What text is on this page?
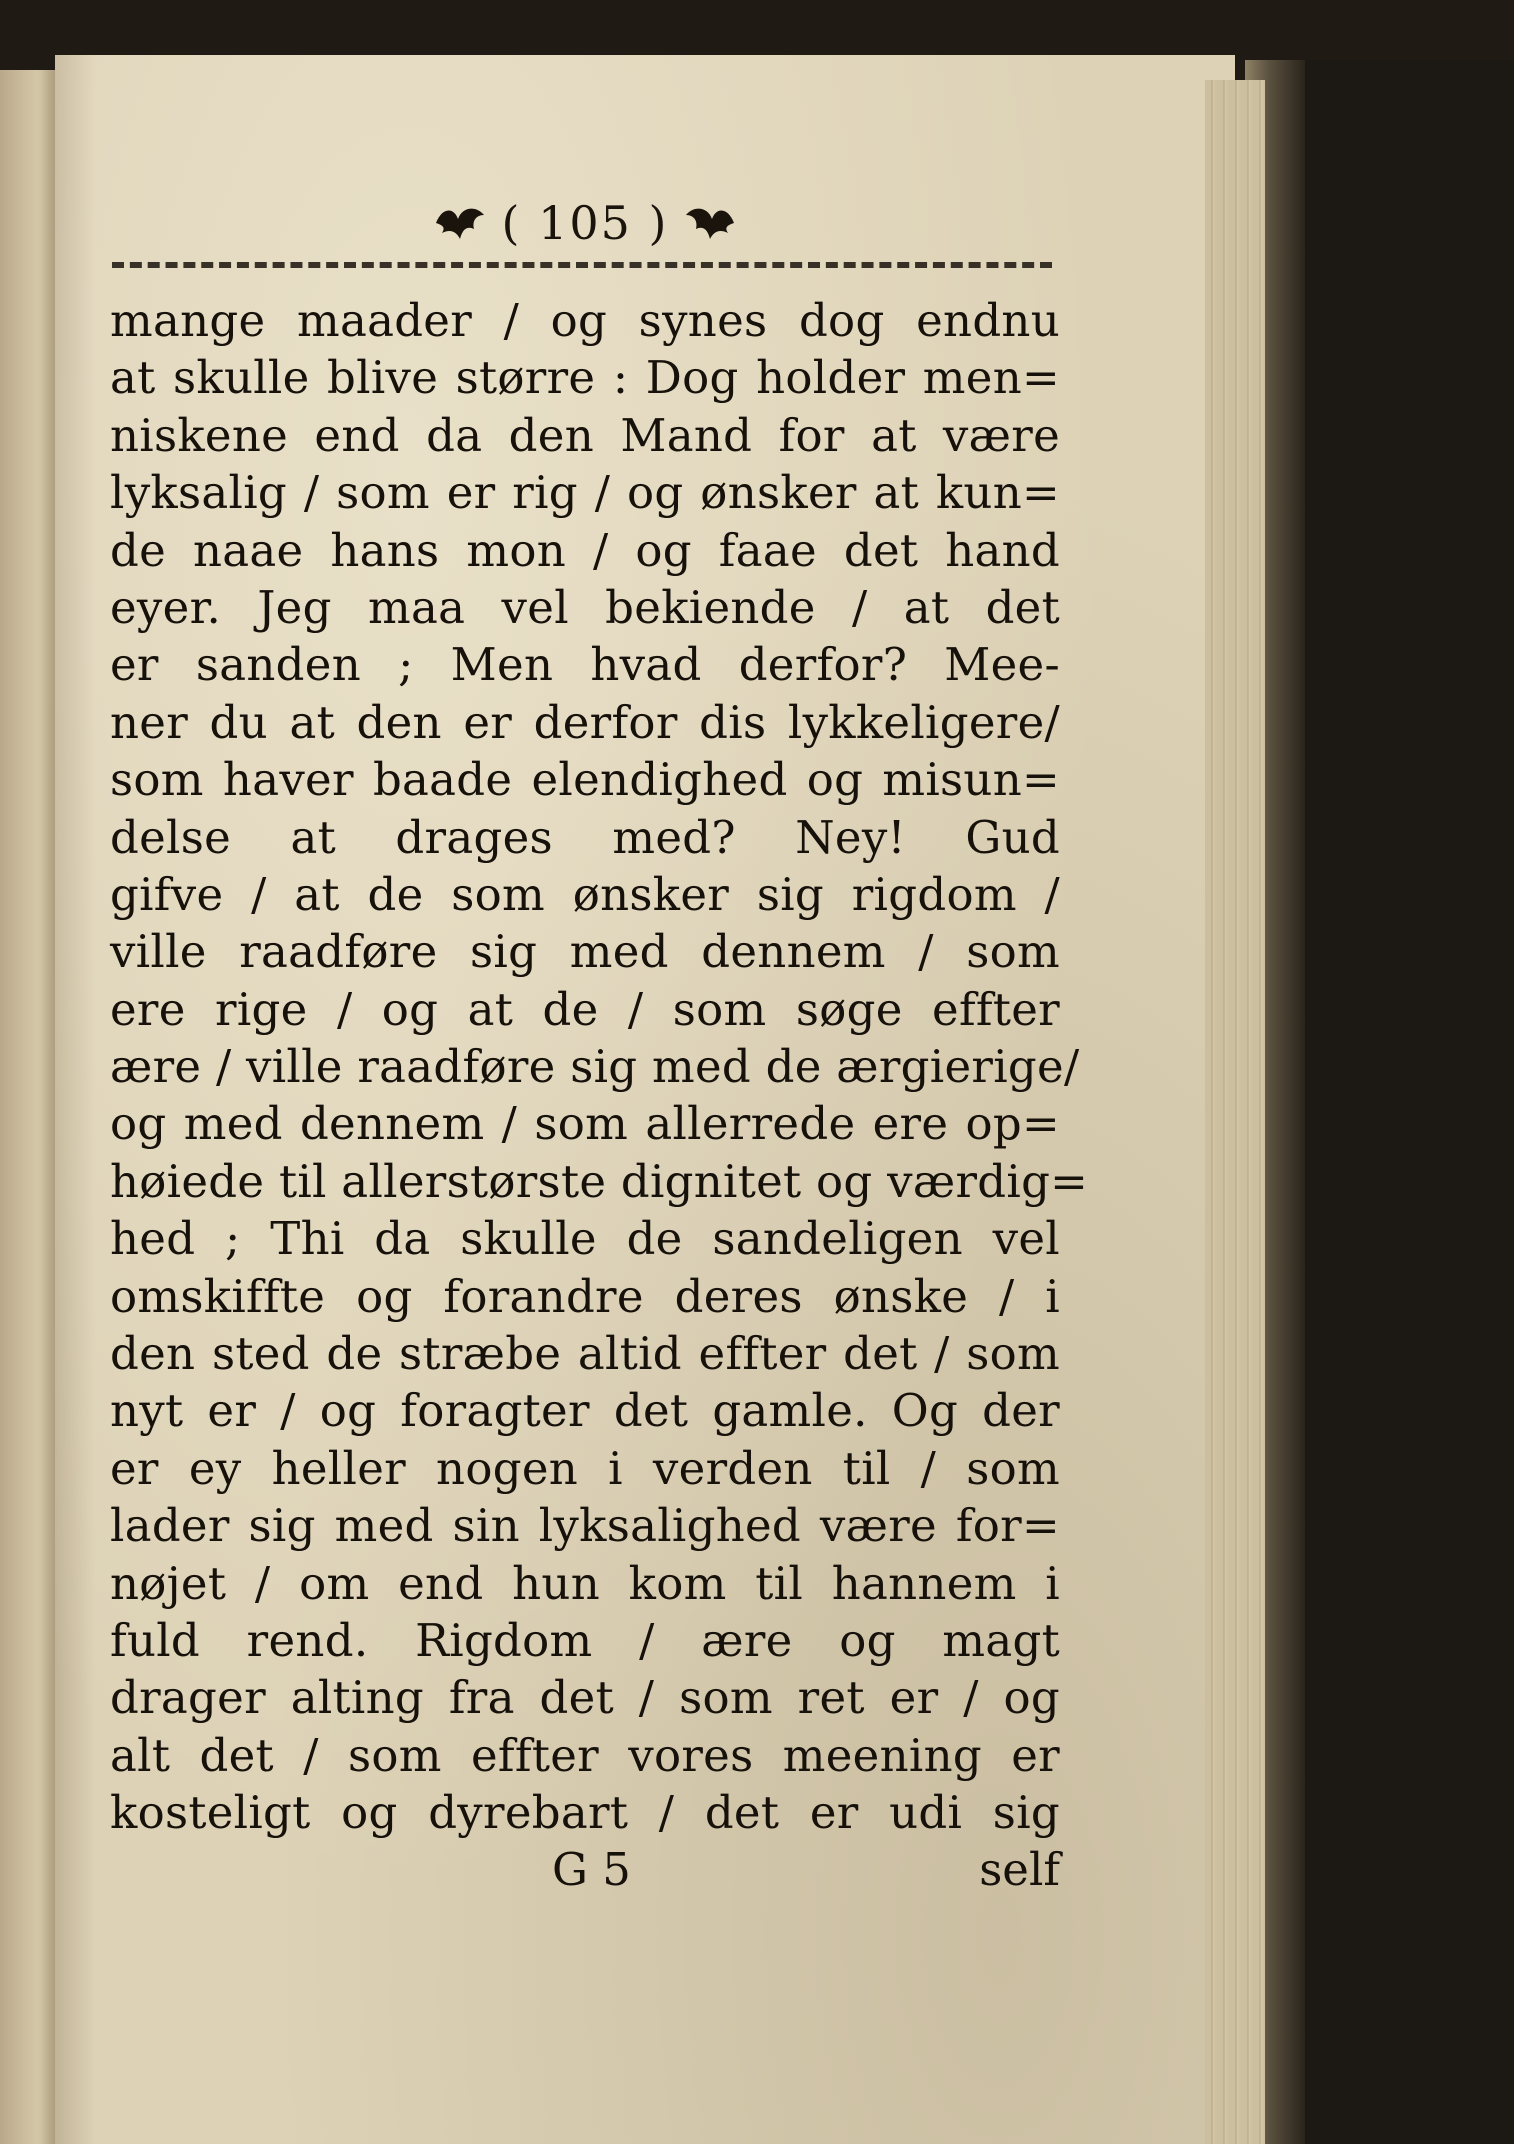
( 105 )
mange maader / og synes dog endnu
at skulle blive større : Dog holder men=
niskene end da den Mand for at være
lyksalig / som er rig / og ønsker at kun=
de naae hans mon / og faae det hand
eyer. Jeg maa vel bekiende / at det
er sanden ; Men hvad derfor? Mee-
ner du at den er derfor dis lykkeligere/
som haver baade elendighed og misun=
delse at drages med? Ney! Gud
gifve / at de som ønsker sig rigdom /
ville raadføre sig med dennem / som
ere rige / og at de / som søge effter
ære / ville raadføre sig med de ærgierige/
og med dennem / som allerrede ere op=
høiede til allerstørste dignitet og værdig=
hed ; Thi da skulle de sandeligen vel
omskiffte og forandre deres ønske / i
den sted de stræbe altid effter det / som
nyt er / og foragter det gamle. Og der
er ey heller nogen i verden til / som
lader sig med sin lyksalighed være for=
nøjet / om end hun kom til hannem i
fuld rend. Rigdom / ære og magt
drager alting fra det / som ret er / og
alt det / som effter vores meening er
kosteligt og dyrebart / det er udi sig
G 5	self
